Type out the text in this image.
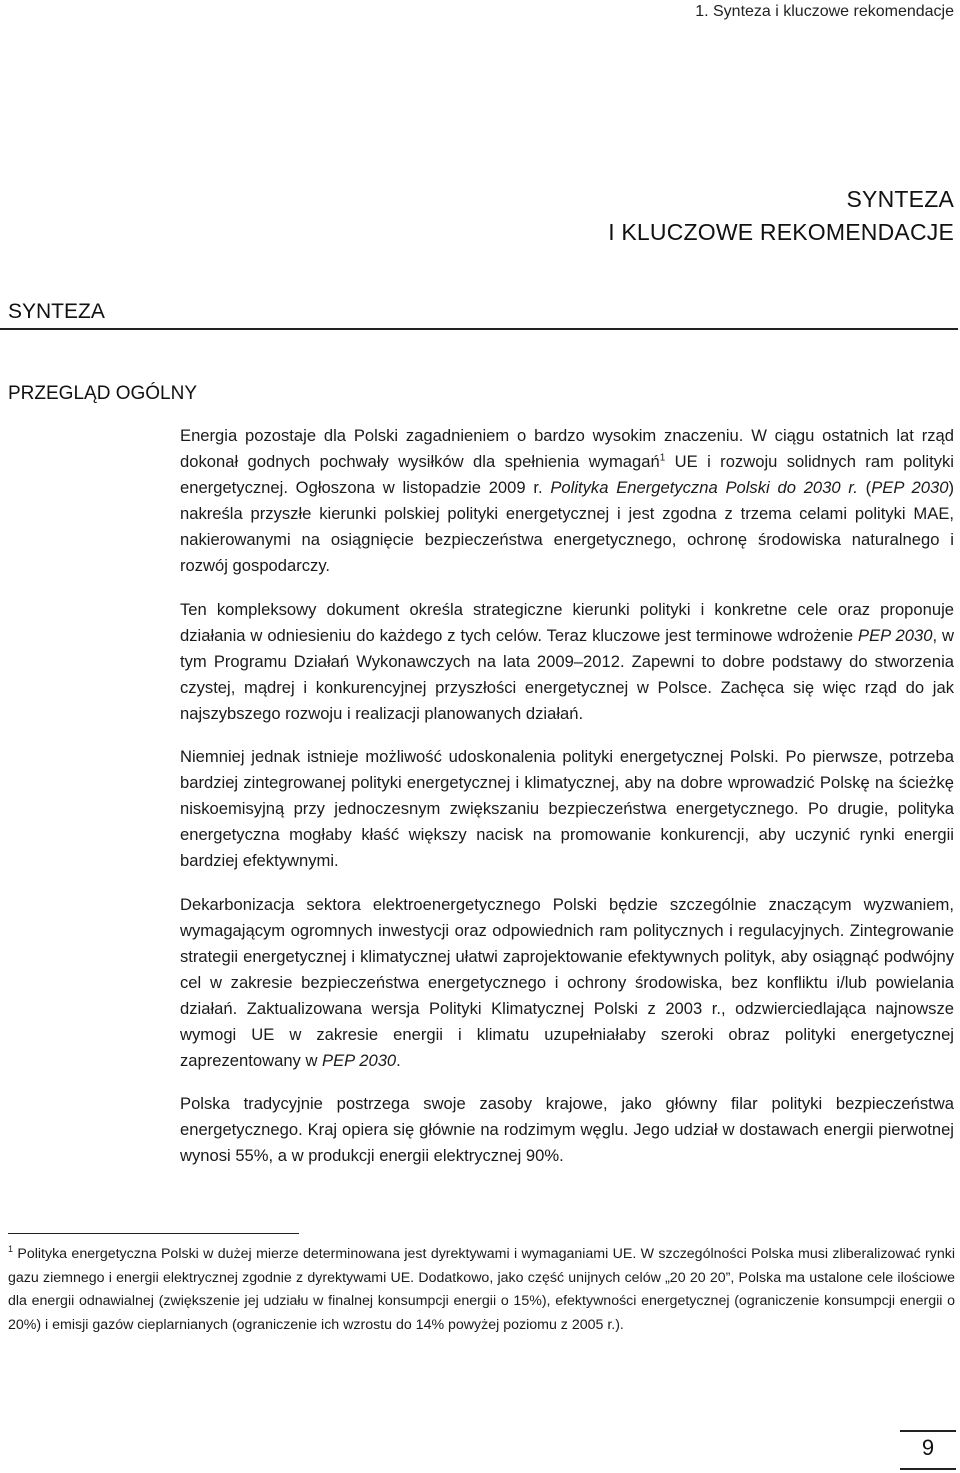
1. Synteza i kluczowe rekomendacje
SYNTEZA
I KLUCZOWE REKOMENDACJE
SYNTEZA
PRZEGLĄD OGÓLNY

Energia pozostaje dla Polski zagadnieniem o bardzo wysokim znaczeniu. W ciągu ostatnich lat rząd dokonał godnych pochwały wysiłków dla spełnienia wymagań$^1$ UE i rozwoju solidnych ram polityki energetycznej. Ogłoszona w listopadzie 2009 r. Polityka Energetyczna Polski do 2030 r. (PEP 2030) nakreśla przyszłe kierunki polskiej polityki energetycznej i jest zgodna z trzema celami polityki MAE, nakierowanymi na osiągnięcie bezpieczeństwa energetycznego, ochronę środowiska naturalnego i rozwój gospodarczy.

Ten kompleksowy dokument określa strategiczne kierunki polityki i konkretne cele oraz proponuje działania w odniesieniu do każdego z tych celów. Teraz kluczowe jest terminowe wdrożenie PEP 2030, w tym Programu Działań Wykonawczych na lata 2009–2012. Zapewni to dobre podstawy do stworzenia czystej, mądrej i konkurencyjnej przyszłości energetycznej w Polsce. Zachęca się więc rząd do jak najszybszego rozwoju i realizacji planowanych działań.

Niemniej jednak istnieje możliwość udoskonalenia polityki energetycznej Polski. Po pierwsze, potrzeba bardziej zintegrowanej polityki energetycznej i klimatycznej, aby na dobre wprowadzić Polskę na ścieżkę niskoemisyjną przy jednoczesnym zwiększaniu bezpieczeństwa energetycznego. Po drugie, polityka energetyczna mogłaby kłaść większy nacisk na promowanie konkurencji, aby uczynić rynki energii bardziej efektywnymi.

Dekarbonizacja sektora elektroenergetycznego Polski będzie szczególnie znaczącym wyzwaniem, wymagającym ogromnych inwestycji oraz odpowiednich ram politycznych i regulacyjnych. Zintegrowanie strategii energetycznej i klimatycznej ułatwi zaprojektowanie efektywnych polityk, aby osiągnąć podwójny cel w zakresie bezpieczeństwa energetycznego i ochrony środowiska, bez konfliktu i/lub powielania działań. Zaktualizowana wersja Polityki Klimatycznej Polski z 2003 r., odzwierciedlająca najnowsze wymogi UE w zakresie energii i klimatu uzupełniałaby szeroki obraz polityki energetycznej zaprezentowany w PEP 2030.

Polska tradycyjnie postrzega swoje zasoby krajowe, jako główny filar polityki bezpieczeństwa energetycznego. Kraj opiera się głównie na rodzimym węglu. Jego udział w dostawach energii pierwotnej wynosi 55%, a w produkcji energii elektrycznej 90%.

$^1$ Polityka energetyczna Polski w dużej mierze determinowana jest dyrektywami i wymaganiami UE. W szczególności Polska musi zliberalizować rynki gazu ziemnego i energii elektrycznej zgodnie z dyrektywami UE. Dodatkowo, jako część unijnych celów „20 20 20”, Polska ma ustalone cele ilościowe dla energii odnawialnej (zwiększenie jej udziału w finalnej konsumpcji energii o 15%), efektywności energetycznej (ograniczenie konsumpcji energii o 20%) i emisji gazów cieplarnianych (ograniczenie ich wzrostu do 14% powyżej poziomu z 2005 r.).
9
